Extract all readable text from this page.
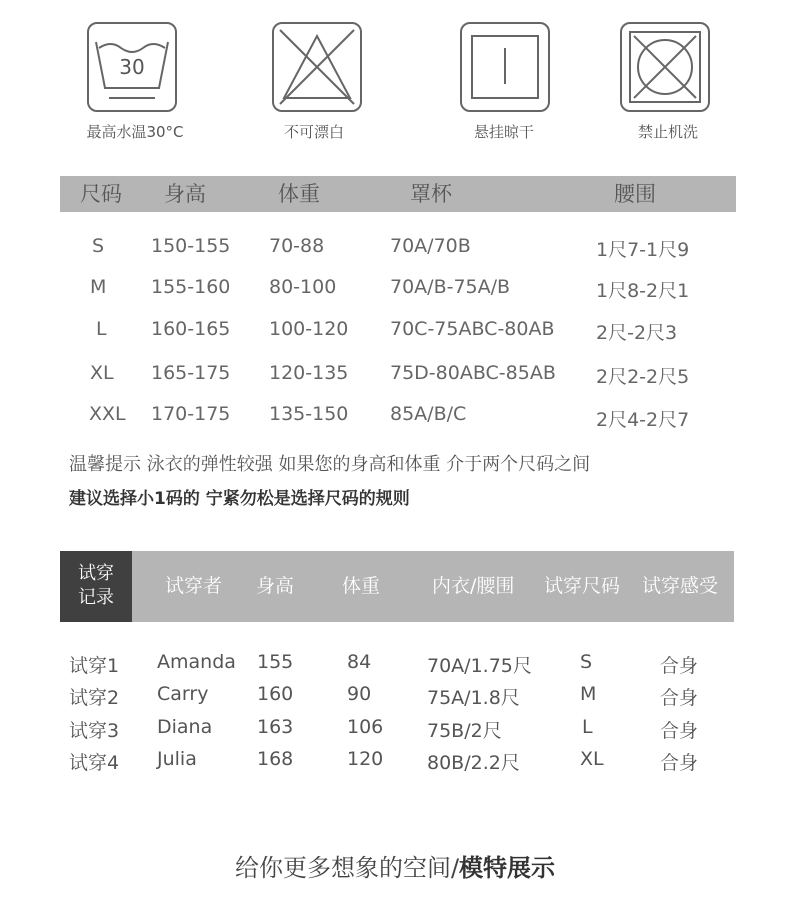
30
最高水温30°C	不可漂白	悬挂晾干	禁止机洗
尺码 身高	体重	罩杯	腰围
S 150-155 70-88	70A/70B	1尺7-1尺9
M 155-160 80-100	70A/B-75A/B	1尺8-2尺1
L 160-165 100-120 70C-75ABC-80AB 2尺-2尺3
XL 165-175 120-135 75D-80ABC-85AB 2尺2-2尺5
XXL 170-175 135-150 85A/B/C	2尺4-2尺7
温馨提示 泳衣的弹性较强 如果您的身高和体重 介于两个尺码之间
建议选择小1码的 宁紧勿松是选择尺码的规则
试穿
记录
试穿者 身高	体重	内衣/腰围 试穿尺码 试穿感受
试穿1 Amanda 155	84	70A/1.75尺	S	合身
试穿2 Carry	160	90	75A/1.8尺	M	合身
试穿3 Diana 163	106 75B/2尺	L	合身
试穿4 Julia	168	120 80B/2.2尺	XL	合身
给你更多想象的空间/模特展示
